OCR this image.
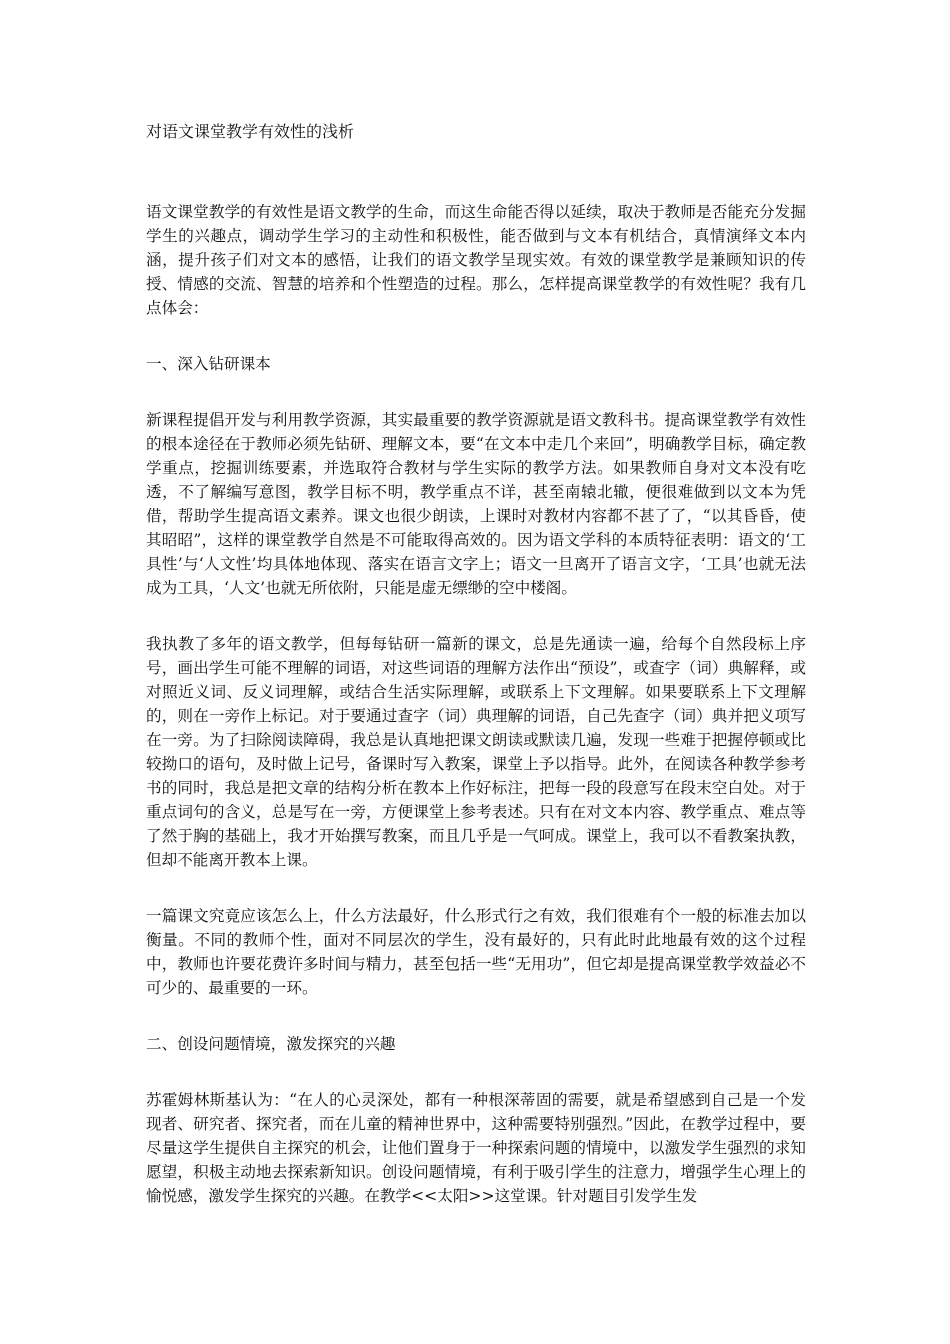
对语文课堂教学有效性的浅析

语文课堂教学的有效性是语文教学的生命，而这生命能否得以延续，取决于教师是否能充分发掘学生的兴趣点，调动学生学习的主动性和积极性，能否做到与文本有机结合，真情演绎文本内涵，提升孩子们对文本的感悟，让我们的语文教学呈现实效。有效的课堂教学是兼顾知识的传授、情感的交流、智慧的培养和个性塑造的过程。那么，怎样提高课堂教学的有效性呢？我有几点体会：

一、深入钻研课本

新课程提倡开发与利用教学资源，其实最重要的教学资源就是语文教科书。提高课堂教学有效性的根本途径在于教师必须先钻研、理解文本，要“在文本中走几个来回”，明确教学目标，确定教学重点，挖掘训练要素，并选取符合教材与学生实际的教学方法。如果教师自身对文本没有吃透，不了解编写意图，教学目标不明，教学重点不详，甚至南辕北辙，便很难做到以文本为凭借，帮助学生提高语文素养。课文也很少朗读，上课时对教材内容都不甚了了，“以其昏昏，使其昭昭”，这样的课堂教学自然是不可能取得高效的。因为语文学科的本质特征表明：语文的‘工具性’与‘人文性’均具体地体现、落实在语言文字上；语文一旦离开了语言文字，‘工具’也就无法成为工具，‘人文’也就无所依附，只能是虚无缥缈的空中楼阁。

我执教了多年的语文教学，但每每钻研一篇新的课文，总是先通读一遍，给每个自然段标上序号，画出学生可能不理解的词语，对这些词语的理解方法作出“预设”，或查字（词）典解释，或对照近义词、反义词理解，或结合生活实际理解，或联系上下文理解。如果要联系上下文理解的，则在一旁作上标记。对于要通过查字（词）典理解的词语，自己先查字（词）典并把义项写在一旁。为了扫除阅读障碍，我总是认真地把课文朗读或默读几遍，发现一些难于把握停顿或比较拗口的语句，及时做上记号，备课时写入教案，课堂上予以指导。此外，在阅读各种教学参考书的同时，我总是把文章的结构分析在教本上作好标注，把每一段的段意写在段末空白处。对于重点词句的含义，总是写在一旁，方便课堂上参考表述。只有在对文本内容、教学重点、难点等了然于胸的基础上，我才开始撰写教案，而且几乎是一气呵成。课堂上，我可以不看教案执教，但却不能离开教本上课。

一篇课文究竟应该怎么上，什么方法最好，什么形式行之有效，我们很难有个一般的标准去加以衡量。不同的教师个性，面对不同层次的学生，没有最好的，只有此时此地最有效的这个过程中，教师也许要花费许多时间与精力，甚至包括一些“无用功”，但它却是提高课堂教学效益必不可少的、最重要的一环。

二、创设问题情境，激发探究的兴趣

苏霍姆林斯基认为：“在人的心灵深处，都有一种根深蒂固的需要，就是希望感到自己是一个发现者、研究者、探究者，而在儿童的精神世界中，这种需要特别强烈。”因此，在教学过程中，要尽量这学生提供自主探究的机会，让他们置身于一种探索问题的情境中，以激发学生强烈的求知愿望，积极主动地去探索新知识。创设问题情境，有利于吸引学生的注意力，增强学生心理上的愉悦感，激发学生探究的兴趣。在教学<<太阳>>这堂课。针对题目引发学生发
